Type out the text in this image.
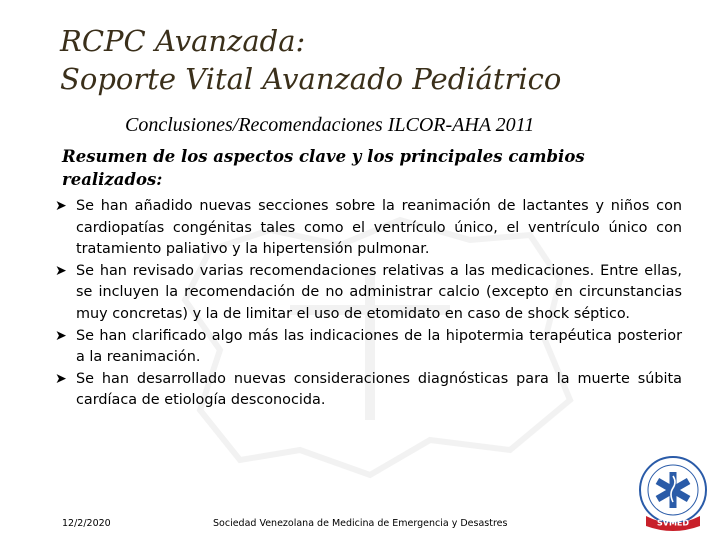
RCPC Avanzada:
Soporte Vital Avanzado Pediátrico

Conclusiones/Recomendaciones ILCOR-AHA 2011

Resumen de los aspectos clave y los principales cambios
realizados:

➤ Se han añadido nuevas secciones sobre la reanimación de lactantes y niños con cardiopatías congénitas tales como el ventrículo único, el ventrículo único con tratamiento paliativo y la hipertensión pulmonar.
➤ Se han revisado varias recomendaciones relativas a las medicaciones. Entre ellas, se incluyen la recomendación de no administrar calcio (excepto en circunstancias muy concretas) y la de limitar el uso de etomidato en caso de shock séptico.
➤ Se han clarificado algo más las indicaciones de la hipotermia terapéutica posterior a la reanimación.
➤ Se han desarrollado nuevas consideraciones diagnósticas para la muerte súbita cardíaca de etiología desconocida.
12/2/2020	Sociedad Venezolana de Medicina de Emergencia y Desastres	SVMED
